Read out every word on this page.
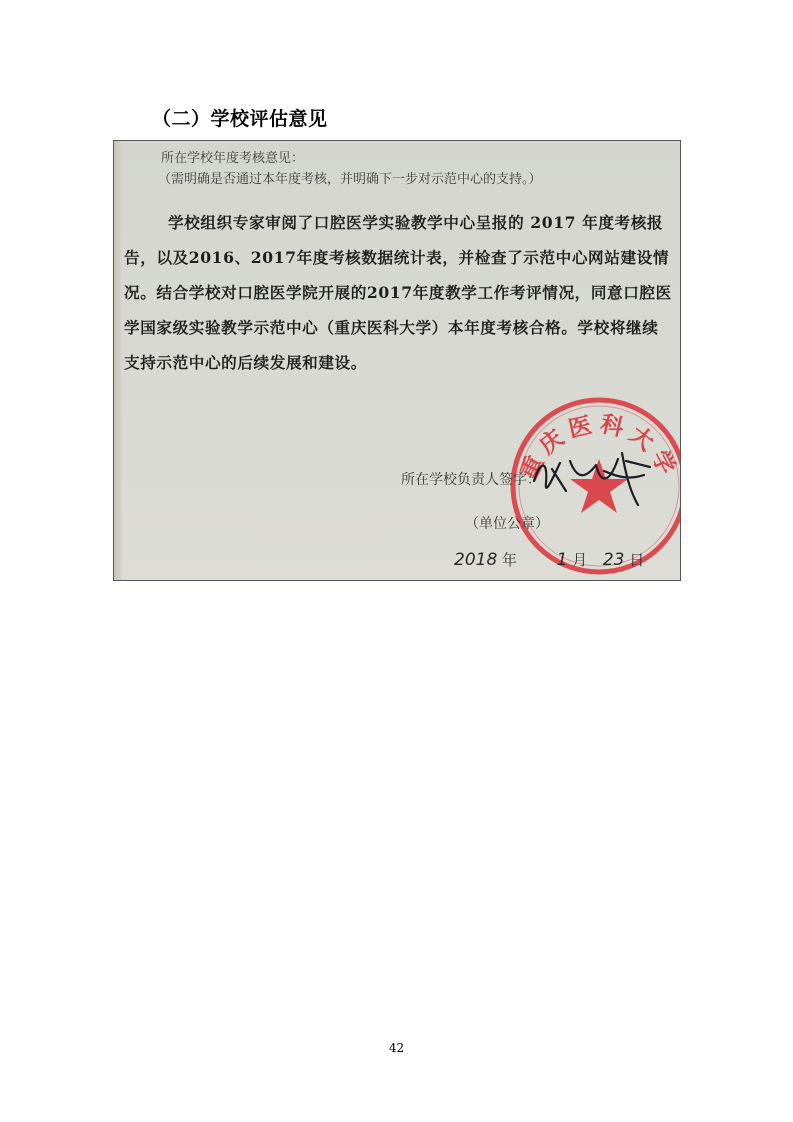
（二）学校评估意见
所在学校年度考核意见：
（需明确是否通过本年度考核，并明确下一步对示范中心的支持。）
学校组织专家审阅了口腔医学实验教学中心呈报的 2017 年度考核报告，以及2016、2017年度考核数据统计表，并检查了示范中心网站建设情况。结合学校对口腔医学院开展的2017年度教学工作考评情况，同意口腔医学国家级实验教学示范中心（重庆医科大学）本年度考核合格。学校将继续支持示范中心的后续发展和建设。
重庆医科大学
所在学校负责人签字：
（单位公章）
2018 年 1 月 23 日
42
